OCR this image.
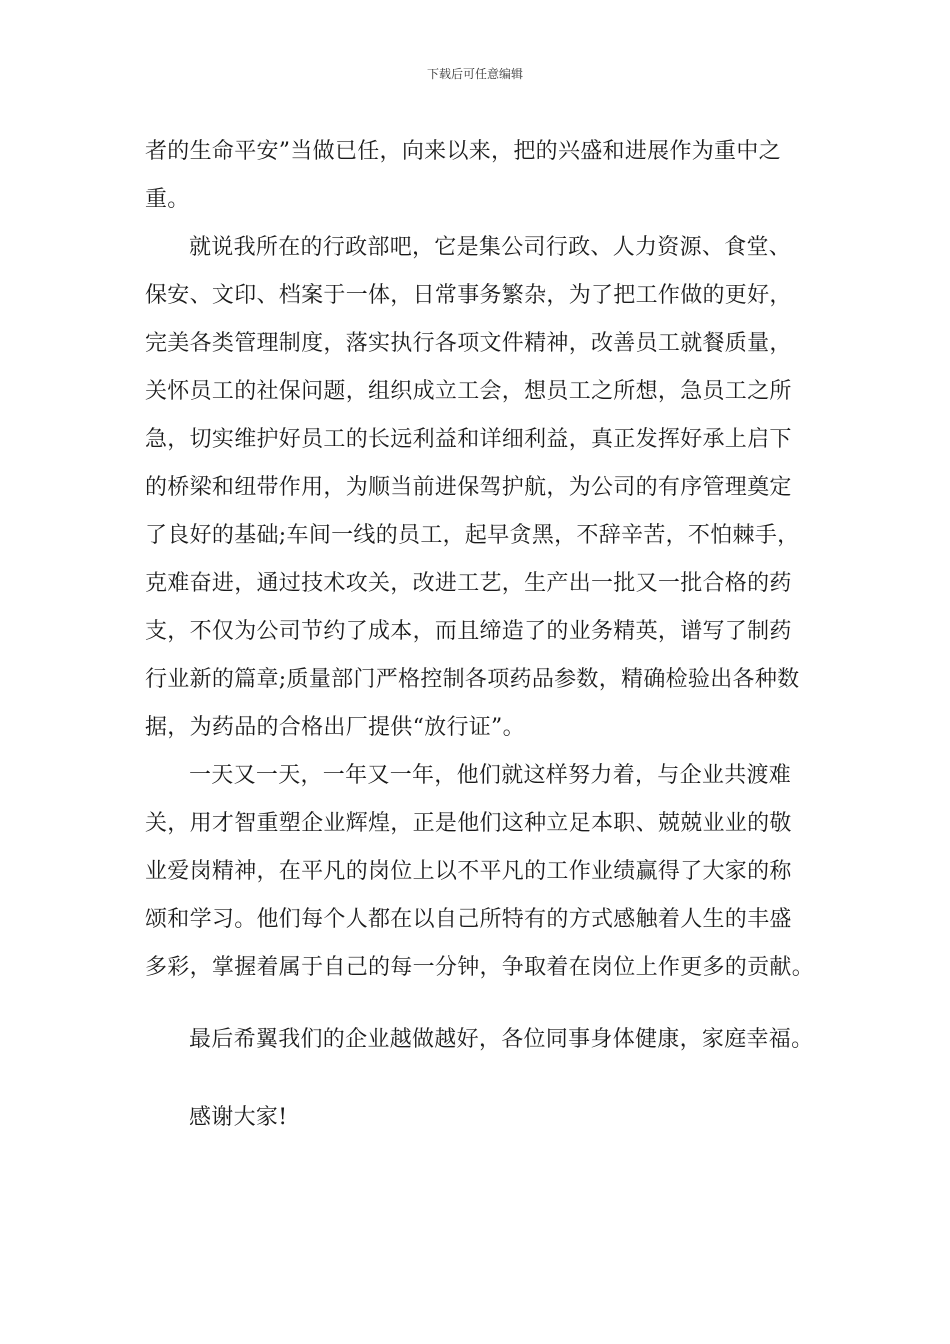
下载后可任意编辑
者的生命平安”当做已任，向来以来，把的兴盛和进展作为重中之
重。
就说我所在的行政部吧，它是集公司行政、人力资源、食堂、
保安、文印、档案于一体，日常事务繁杂，为了把工作做的更好，
完美各类管理制度，落实执行各项文件精神，改善员工就餐质量，
关怀员工的社保问题，组织成立工会，想员工之所想，急员工之所
急，切实维护好员工的长远利益和详细利益，真正发挥好承上启下
的桥梁和纽带作用，为顺当前进保驾护航，为公司的有序管理奠定
了良好的基础;车间一线的员工，起早贪黑，不辞辛苦，不怕棘手，
克难奋进，通过技术攻关，改进工艺，生产出一批又一批合格的药
支，不仅为公司节约了成本，而且缔造了的业务精英，谱写了制药
行业新的篇章;质量部门严格控制各项药品参数，精确检验出各种数
据，为药品的合格出厂提供“放行证”。
一天又一天，一年又一年，他们就这样努力着，与企业共渡难
关，用才智重塑企业辉煌，正是他们这种立足本职、兢兢业业的敬
业爱岗精神，在平凡的岗位上以不平凡的工作业绩赢得了大家的称
颂和学习。他们每个人都在以自己所特有的方式感触着人生的丰盛
多彩，掌握着属于自己的每一分钟，争取着在岗位上作更多的贡献。
最后希翼我们的企业越做越好，各位同事身体健康，家庭幸福。
感谢大家!
